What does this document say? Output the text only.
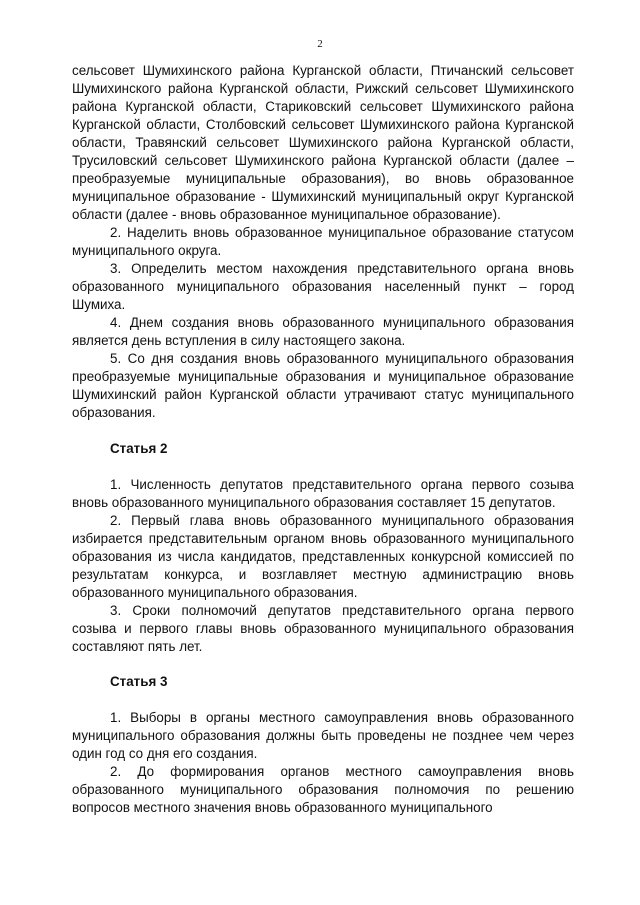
2

сельсовет Шумихинского района Курганской области, Птичанский сельсовет Шумихинского района Курганской области, Рижский сельсовет Шумихинского района Курганской области, Стариковский сельсовет Шумихинского района Курганской области, Столбовский сельсовет Шумихинского района Курганской области, Травянский сельсовет Шумихинского района Курганской области, Трусиловский сельсовет Шумихинского района Курганской области (далее – преобразуемые муниципальные образования), во вновь образованное муниципальное образование - Шумихинский муниципальный округ Курганской области (далее - вновь образованное муниципальное образование).

2. Наделить вновь образованное муниципальное образование статусом муниципального округа.

3. Определить местом нахождения представительного органа вновь образованного муниципального образования населенный пункт – город Шумиха.

4. Днем создания вновь образованного муниципального образования является день вступления в силу настоящего закона.

5. Со дня создания вновь образованного муниципального образования преобразуемые муниципальные образования и муниципальное образование Шумихинский район Курганской области утрачивают статус муниципального образования.

Статья 2

1. Численность депутатов представительного органа первого созыва вновь образованного муниципального образования составляет 15 депутатов.

2. Первый глава вновь образованного муниципального образования избирается представительным органом вновь образованного муниципального образования из числа кандидатов, представленных конкурсной комиссией по результатам конкурса, и возглавляет местную администрацию вновь образованного муниципального образования.

3. Сроки полномочий депутатов представительного органа первого созыва и первого главы вновь образованного муниципального образования составляют пять лет.

Статья 3

1. Выборы в органы местного самоуправления вновь образованного муниципального образования должны быть проведены не позднее чем через один год со дня его создания.

2. До формирования органов местного самоуправления вновь образованного муниципального образования полномочия по решению вопросов местного значения вновь образованного муниципального
